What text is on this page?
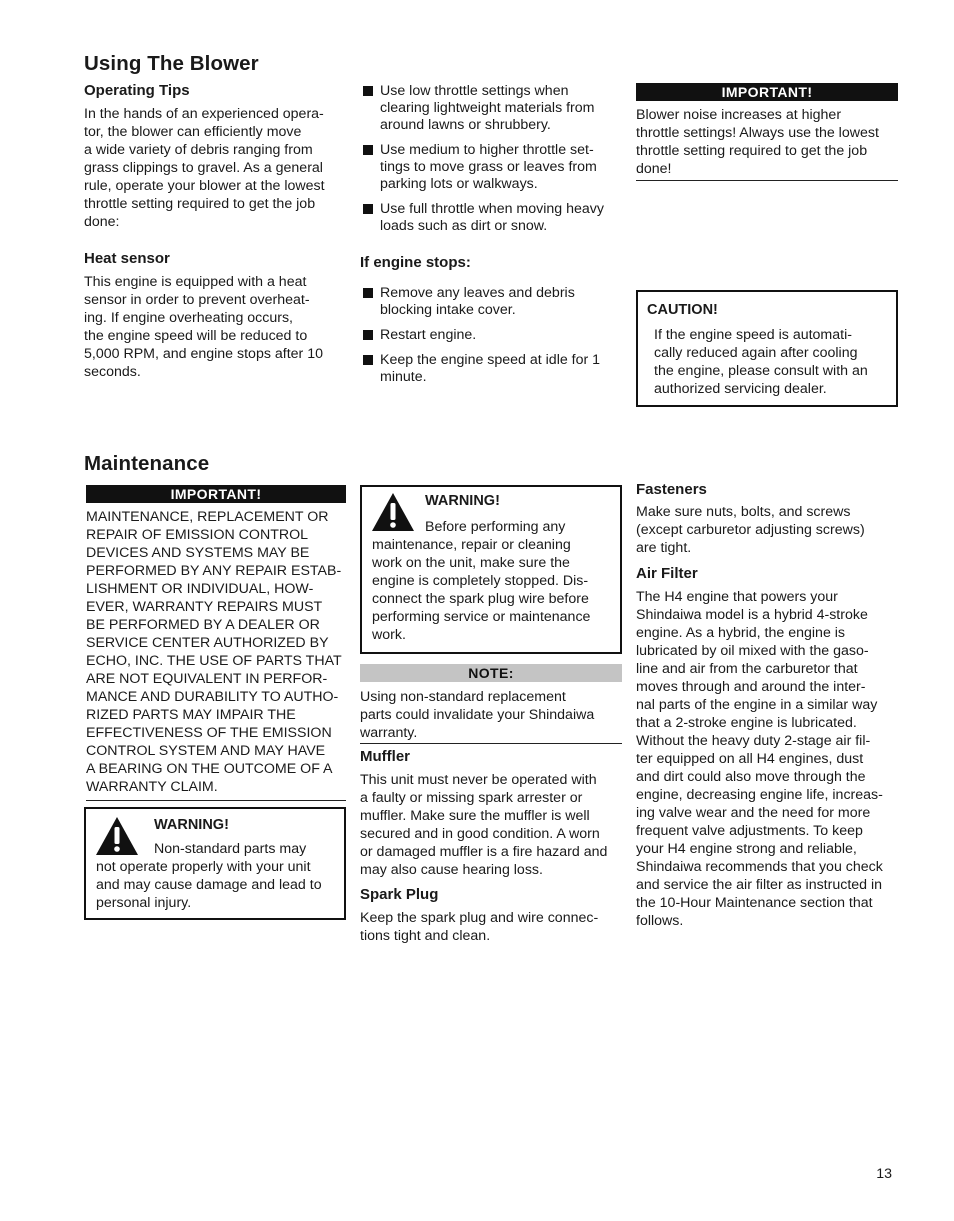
Using The Blower
Operating Tips
In the hands of an experienced opera-
tor, the blower can efficiently move
a wide variety of debris ranging from
grass clippings to gravel. As a general
rule, operate your blower at the lowest
throttle setting required to get the job
done:
Heat sensor
This engine is equipped with a heat
sensor in order to prevent overheat-
ing. If engine overheating occurs,
the engine speed will be reduced to
5,000 RPM, and engine stops after 10
seconds.
Use low throttle settings when
clearing lightweight materials from
around lawns or shrubbery.
Use medium to higher throttle set-
tings to move grass or leaves from
parking lots or walkways.
Use full throttle when moving heavy
loads such as dirt or snow.
If engine stops:
Remove any leaves and debris
blocking intake cover.
Restart engine.
Keep the engine speed at idle for 1
minute.
IMPORTANT!
Blower noise increases at higher
throttle settings! Always use the lowest
throttle setting required to get the job
done!
CAUTION!
If the engine speed is automati-
cally reduced again after cooling
the engine, please consult with an
authorized servicing dealer.
Maintenance
IMPORTANT!
MAINTENANCE, REPLACEMENT OR
REPAIR OF EMISSION CONTROL
DEVICES AND SYSTEMS MAY BE
PERFORMED BY ANY REPAIR ESTAB-
LISHMENT OR INDIVIDUAL, HOW-
EVER, WARRANTY REPAIRS MUST
BE PERFORMED BY A DEALER OR
SERVICE CENTER AUTHORIZED BY
ECHO, INC. THE USE OF PARTS THAT
ARE NOT EQUIVALENT IN PERFOR-
MANCE AND DURABILITY TO AUTHO-
RIZED PARTS MAY IMPAIR THE
EFFECTIVENESS OF THE EMISSION
CONTROL SYSTEM AND MAY HAVE
A BEARING ON THE OUTCOME OF A
WARRANTY CLAIM.
WARNING!
Non-standard parts may
not operate properly with your unit
and may cause damage and lead to
personal injury.
WARNING!
Before performing any
maintenance, repair or cleaning
work on the unit, make sure the
engine is completely stopped. Dis-
connect the spark plug wire before
performing service or maintenance
work.
NOTE:
Using non-standard replacement
parts could invalidate your Shindaiwa
warranty.
Muffler
This unit must never be operated with
a faulty or missing spark arrester or
muffler. Make sure the muffler is well
secured and in good condition. A worn
or damaged muffler is a fire hazard and
may also cause hearing loss.
Spark Plug
Keep the spark plug and wire connec-
tions tight and clean.
Fasteners
Make sure nuts, bolts, and screws
(except carburetor adjusting screws)
are tight.
Air Filter
The H4 engine that powers your
Shindaiwa model is a hybrid 4-stroke
engine. As a hybrid, the engine is
lubricated by oil mixed with the gaso-
line and air from the carburetor that
moves through and around the inter-
nal parts of the engine in a similar way
that a 2-stroke engine is lubricated.
Without the heavy duty 2-stage air fil-
ter equipped on all H4 engines, dust
and dirt could also move through the
engine, decreasing engine life, increas-
ing valve wear and the need for more
frequent valve adjustments. To keep
your H4 engine strong and reliable,
Shindaiwa recommends that you check
and service the air filter as instructed in
the 10-Hour Maintenance section that
follows.
13
